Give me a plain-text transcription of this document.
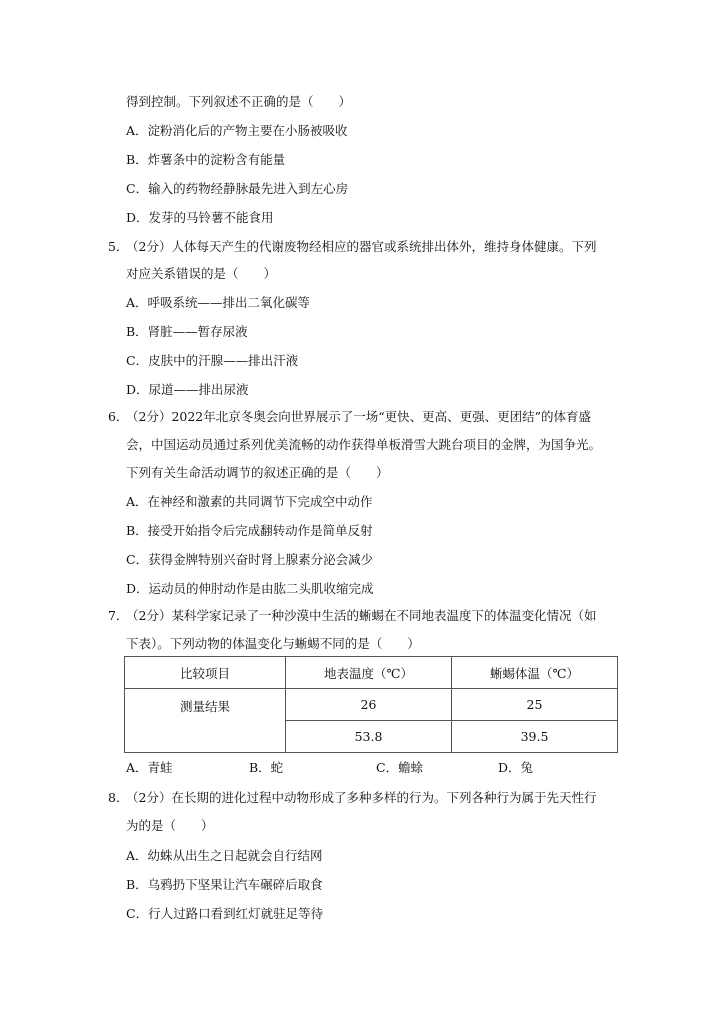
得到控制。下列叙述不正确的是（　　）
A．淀粉消化后的产物主要在小肠被吸收
B．炸薯条中的淀粉含有能量
C．输入的药物经静脉最先进入到左心房
D．发芽的马铃薯不能食用
5．
（2分）人体每天产生的代谢废物经相应的器官或系统排出体外，维持身体健康。下列
对应关系错误的是（　　）
A．呼吸系统——排出二氧化碳等
B．肾脏——暂存尿液
C．皮肤中的汗腺——排出汗液
D．尿道——排出尿液
6．
（2分）2022年北京冬奥会向世界展示了一场“更快、更高、更强、更团结”的体育盛
会，中国运动员通过系列优美流畅的动作获得单板滑雪大跳台项目的金牌，为国争光。
下列有关生命活动调节的叙述正确的是（　　）
A．在神经和激素的共同调节下完成空中动作
B．接受开始指令后完成翻转动作是简单反射
C．获得金牌特别兴奋时肾上腺素分泌会减少
D．运动员的伸肘动作是由肱二头肌收缩完成
7．
（2分）某科学家记录了一种沙漠中生活的蜥蜴在不同地表温度下的体温变化情况（如
下表）。下列动物的体温变化与蜥蜴不同的是（　　）
比较项目	地表温度（℃）	蜥蜴体温（℃）
测量结果	26	25
	53.8	39.5
A．青蛙	B．蛇	C．蟾蜍	D．兔
8．
（2分）在长期的进化过程中动物形成了多种多样的行为。下列各种行为属于先天性行
为的是（　　）
A．幼蛛从出生之日起就会自行结网
B．乌鸦扔下坚果让汽车碾碎后取食
C．行人过路口看到红灯就驻足等待
